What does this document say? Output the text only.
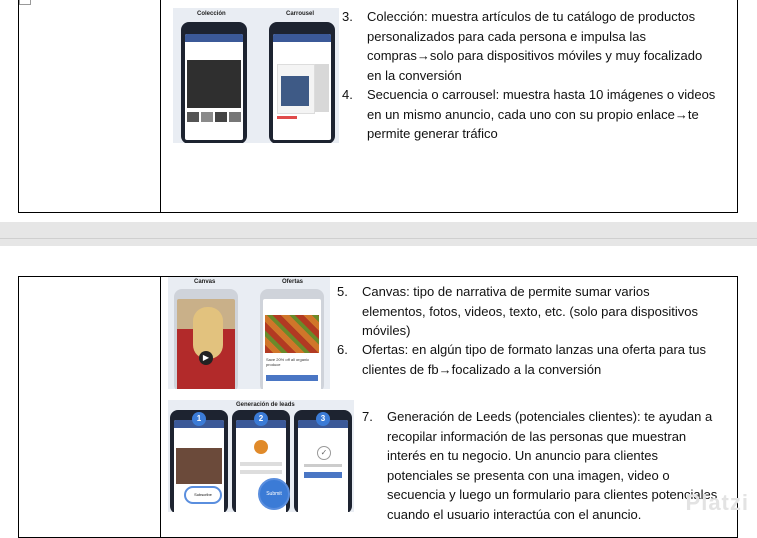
Colección	Carrousel 3. Colección: muestra artículos de tu catálogo de productos
personalizados para cada persona e impulsa las
compras→solo para dispositivos móviles y muy focalizado
en la conversión
4. Secuencia o carrousel: muestra hasta 10 imágenes o videos
en un mismo anuncio, cada uno con su propio enlace→te
permite generar tráfico
Canvas	Ofertas
▶	Save 20% off all organic produce
Generación de leads
1
Subscribe
2
Submit
✓
3
5. Canvas: tipo de narrativa de permite sumar varios
elementos, fotos, videos, texto, etc. (solo para dispositivos
móviles)
6. Ofertas: en algún tipo de formato lanzas una oferta para tus
clientes de fb→focalizado a la conversión
7. Generación de Leeds (potenciales clientes): te ayudan a
recopilar información de las personas que muestran
interés en tu negocio. Un anuncio para clientes
potenciales se presenta con una imagen, video o
secuencia y luego un formulario para clientes potenciales
cuando el usuario interactúa con el anuncio.	Platzi
